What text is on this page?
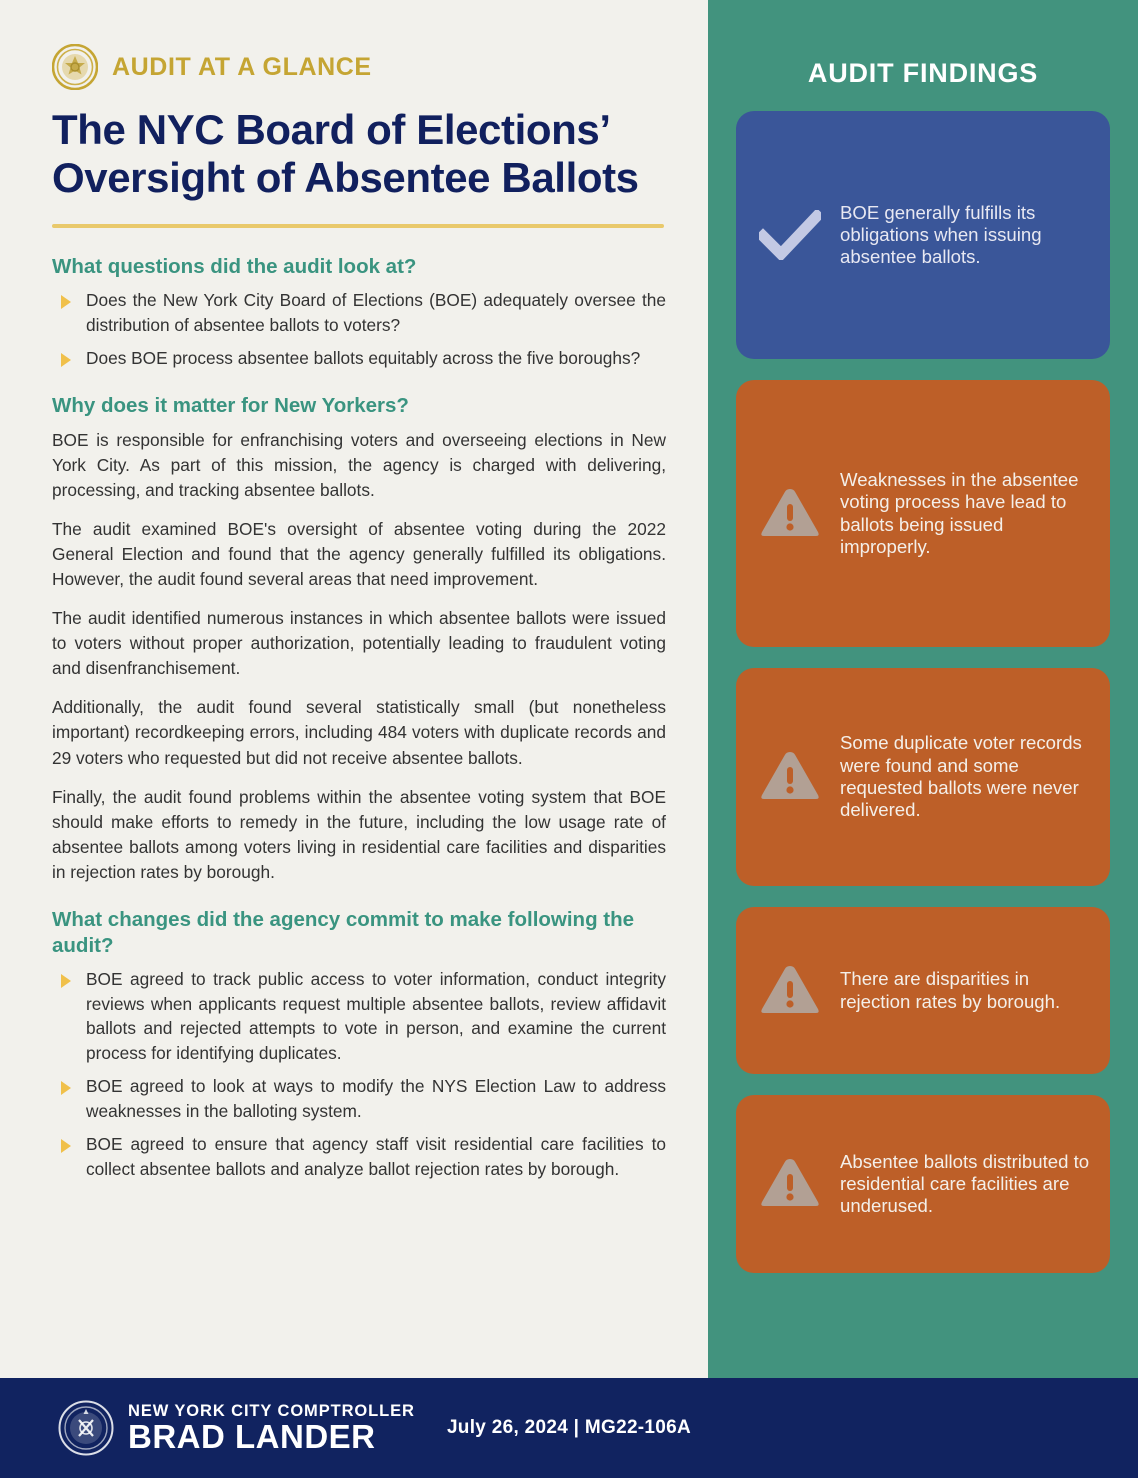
AUDIT FINDINGS
BOE generally fulfills its obligations when issuing absentee ballots.
Weaknesses in the absentee voting process have lead to ballots being issued improperly.
Some duplicate voter records were found and some requested ballots were never delivered.
There are disparities in rejection rates by borough.
Absentee ballots distributed to residential care facilities are underused.
AUDIT AT A GLANCE
The NYC Board of Elections’ Oversight of Absentee Ballots
What questions did the audit look at?
Does the New York City Board of Elections (BOE) adequately oversee the distribution of absentee ballots to voters?
Does BOE process absentee ballots equitably across the five boroughs?
Why does it matter for New Yorkers?

BOE is responsible for enfranchising voters and overseeing elections in New York City. As part of this mission, the agency is charged with delivering, processing, and tracking absentee ballots.

The audit examined BOE's oversight of absentee voting during the 2022 General Election and found that the agency generally fulfilled its obligations. However, the audit found several areas that need improvement.

The audit identified numerous instances in which absentee ballots were issued to voters without proper authorization, potentially leading to fraudulent voting and disenfranchisement.

Additionally, the audit found several statistically small (but nonetheless important) recordkeeping errors, including 484 voters with duplicate records and 29 voters who requested but did not receive absentee ballots.

Finally, the audit found problems within the absentee voting system that BOE should make efforts to remedy in the future, including the low usage rate of absentee ballots among voters living in residential care facilities and disparities in rejection rates by borough.

What changes did the agency commit to make following the audit?
BOE agreed to track public access to voter information, conduct integrity reviews when applicants request multiple absentee ballots, review affidavit ballots and rejected attempts to vote in person, and examine the current process for identifying duplicates.
BOE agreed to look at ways to modify the NYS Election Law to address weaknesses in the balloting system.
BOE agreed to ensure that agency staff visit residential care facilities to collect absentee ballots and analyze ballot rejection rates by borough.
NEW YORK CITY COMPTROLLER
BRAD LANDER	July 26, 2024 | MG22-106A
